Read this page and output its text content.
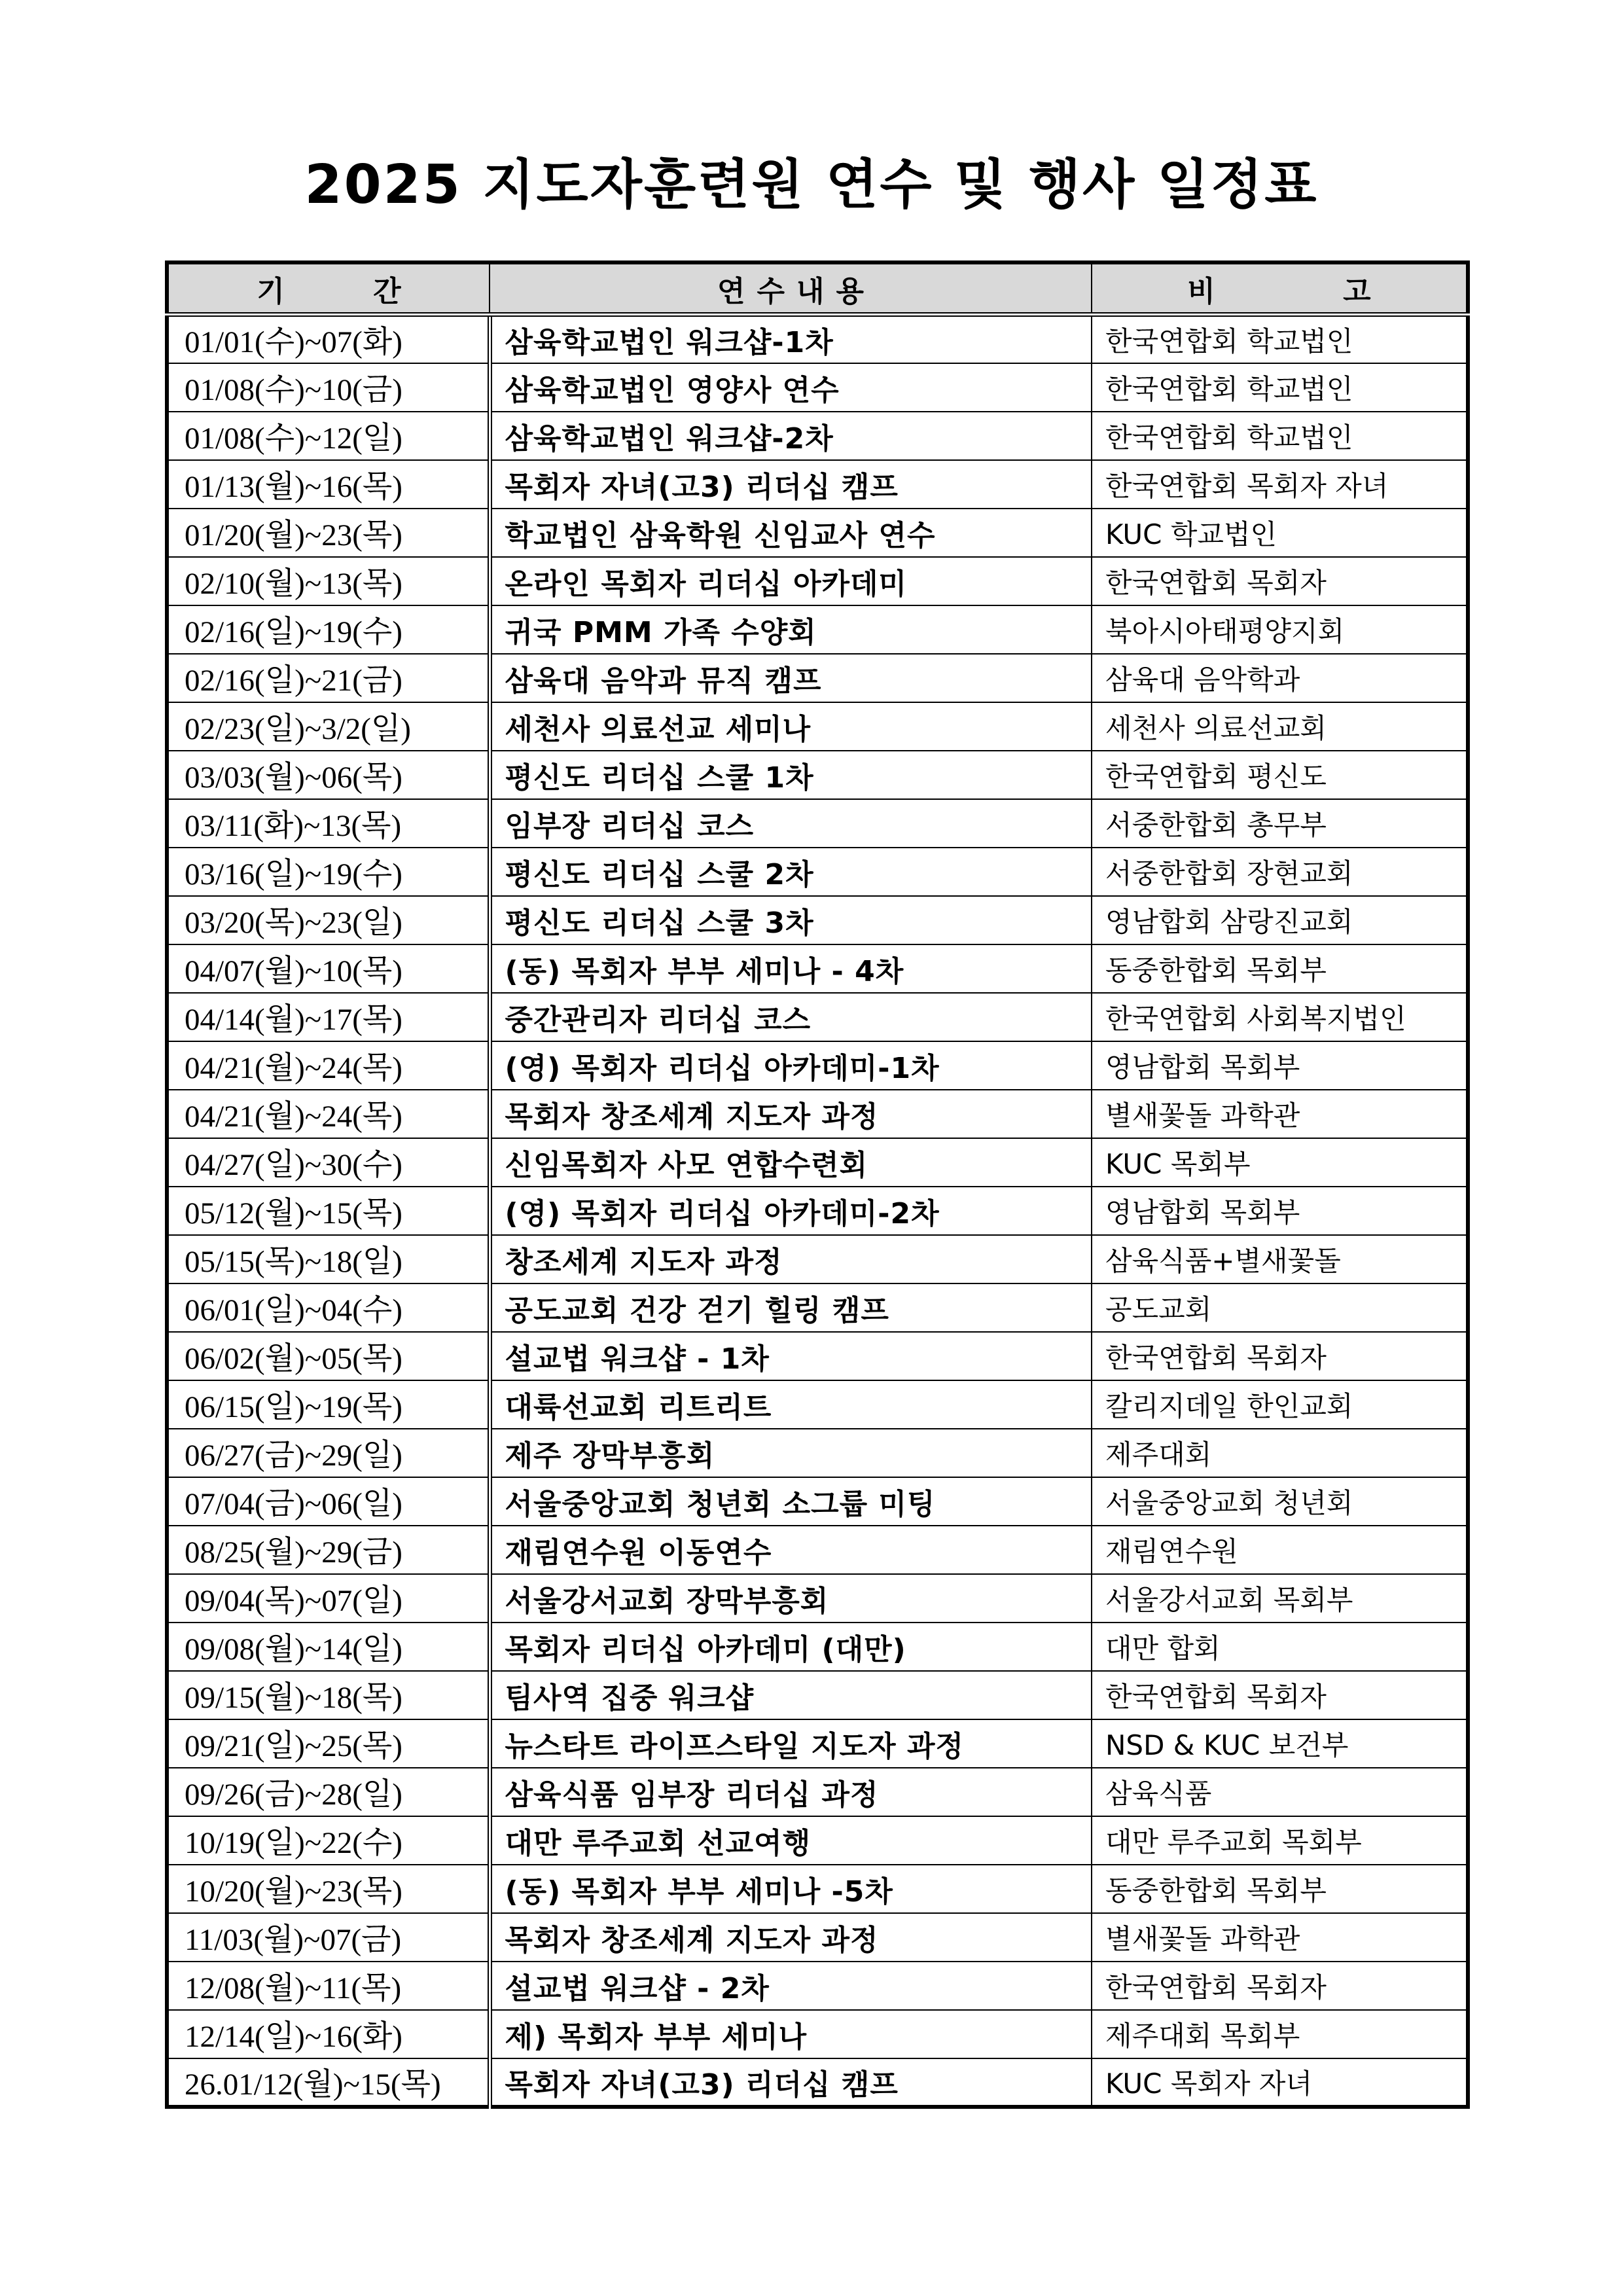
2025 지도자훈련원 연수 및 행사 일정표
기 간	연수내용	비 고
01/01(수)~07(화)	삼육학교법인 워크샵-1차	한국연합회 학교법인
01/08(수)~10(금)	삼육학교법인 영양사 연수	한국연합회 학교법인
01/08(수)~12(일)	삼육학교법인 워크샵-2차	한국연합회 학교법인
01/13(월)~16(목)	목회자 자녀(고3) 리더십 캠프	한국연합회 목회자 자녀
01/20(월)~23(목)	학교법인 삼육학원 신임교사 연수	KUC 학교법인
02/10(월)~13(목)	온라인 목회자 리더십 아카데미	한국연합회 목회자
02/16(일)~19(수)	귀국 PMM 가족 수양회	북아시아태평양지회
02/16(일)~21(금)	삼육대 음악과 뮤직 캠프	삼육대 음악학과
02/23(일)~3/2(일)	세천사 의료선교 세미나	세천사 의료선교회
03/03(월)~06(목)	평신도 리더십 스쿨 1차	한국연합회 평신도
03/11(화)~13(목)	임부장 리더십 코스	서중한합회 총무부
03/16(일)~19(수)	평신도 리더십 스쿨 2차	서중한합회 장현교회
03/20(목)~23(일)	평신도 리더십 스쿨 3차	영남합회 삼랑진교회
04/07(월)~10(목)	(동) 목회자 부부 세미나 - 4차	동중한합회 목회부
04/14(월)~17(목)	중간관리자 리더십 코스	한국연합회 사회복지법인
04/21(월)~24(목)	(영) 목회자 리더십 아카데미-1차	영남합회 목회부
04/21(월)~24(목)	목회자 창조세계 지도자 과정	별새꽃돌 과학관
04/27(일)~30(수)	신임목회자 사모 연합수련회	KUC 목회부
05/12(월)~15(목)	(영) 목회자 리더십 아카데미-2차	영남합회 목회부
05/15(목)~18(일)	창조세계 지도자 과정	삼육식품+별새꽃돌
06/01(일)~04(수)	공도교회 건강 걷기 힐링 캠프	공도교회
06/02(월)~05(목)	설교법 워크샵 - 1차	한국연합회 목회자
06/15(일)~19(목)	대륙선교회 리트리트	칼리지데일 한인교회
06/27(금)~29(일)	제주 장막부흥회	제주대회
07/04(금)~06(일)	서울중앙교회 청년회 소그룹 미팅	서울중앙교회 청년회
08/25(월)~29(금)	재림연수원 이동연수	재림연수원
09/04(목)~07(일)	서울강서교회 장막부흥회	서울강서교회 목회부
09/08(월)~14(일)	목회자 리더십 아카데미 (대만)	대만 합회
09/15(월)~18(목)	팀사역 집중 워크샵	한국연합회 목회자
09/21(일)~25(목)	뉴스타트 라이프스타일 지도자 과정	NSD & KUC 보건부
09/26(금)~28(일)	삼육식품 임부장 리더십 과정	삼육식품
10/19(일)~22(수)	대만 루주교회 선교여행	대만 루주교회 목회부
10/20(월)~23(목)	(동) 목회자 부부 세미나 -5차	동중한합회 목회부
11/03(월)~07(금)	목회자 창조세계 지도자 과정	별새꽃돌 과학관
12/08(월)~11(목)	설교법 워크샵 - 2차	한국연합회 목회자
12/14(일)~16(화)	제) 목회자 부부 세미나	제주대회 목회부
26.01/12(월)~15(목)	목회자 자녀(고3) 리더십 캠프	KUC 목회자 자녀
